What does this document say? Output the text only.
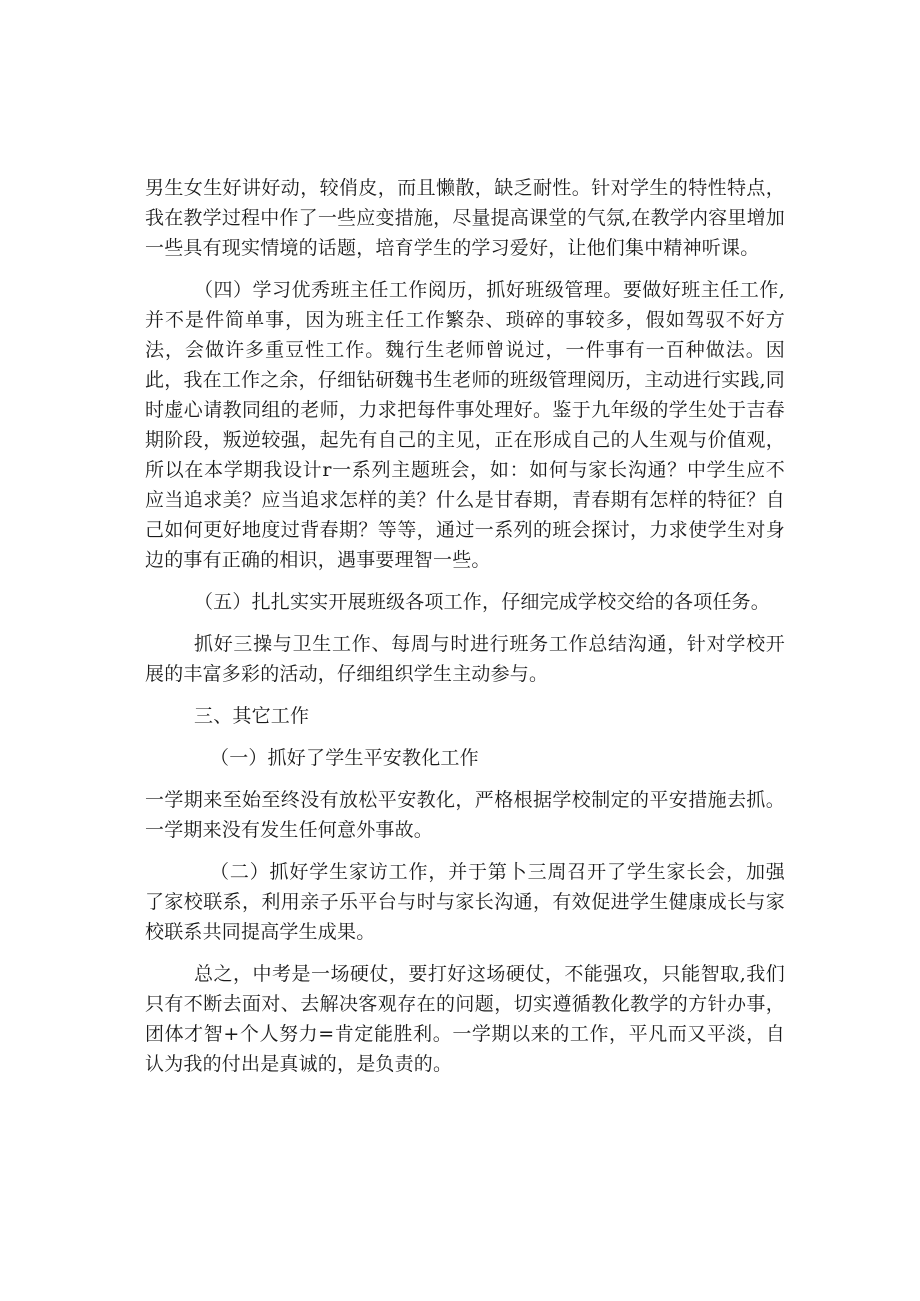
男生女生好讲好动，较俏皮，而且懒散，缺乏耐性。针对学生的特性特点，我在教学过程中作了一些应变措施，尽量提高课堂的气氛,在教学内容里增加一些具有现实情境的话题，培育学生的学习爱好，让他们集中精神听课。

（四）学习优秀班主任工作阅历，抓好班级管理。要做好班主任工作,并不是件简单事，因为班主任工作繁杂、琐碎的事较多，假如驾驭不好方法，会做许多重豆性工作。魏行生老师曾说过，一件事有一百种做法。因此，我在工作之余，仔细钻研魏书生老师的班级管理阅历，主动进行实践,同时虚心请教同组的老师，力求把每件事处理好。鉴于九年级的学生处于吉春期阶段，叛逆较强，起先有自己的主见，正在形成自己的人生观与价值观，所以在本学期我设计r一系列主题班会，如：如何与家长沟通？中学生应不应当追求美？应当追求怎样的美？什么是甘春期，青春期有怎样的特征？自己如何更好地度过背春期？等等，通过一系列的班会探讨，力求使学生对身边的事有正确的相识，遇事要理智一些。

（五）扎扎实实开展班级各项工作，仔细完成学校交给的各项任务。

抓好三操与卫生工作、每周与时进行班务工作总结沟通，针对学校开展的丰富多彩的活动，仔细组织学生主动参与。

三、其它工作

（一）抓好了学生平安教化工作

一学期来至始至终没有放松平安教化，严格根据学校制定的平安措施去抓。一学期来没有发生任何意外事故。

（二）抓好学生家访工作，并于第卜三周召开了学生家长会，加强了家校联系，利用亲子乐平台与时与家长沟通，有效促进学生健康成长与家校联系共同提高学生成果。

总之，中考是一场硬仗，要打好这场硬仗，不能强攻，只能智取,我们只有不断去面对、去解决客观存在的问题，切实遵循教化教学的方针办事，团体才智+个人努力=肯定能胜利。一学期以来的工作，平凡而又平淡，自认为我的付出是真诚的，是负责的。
